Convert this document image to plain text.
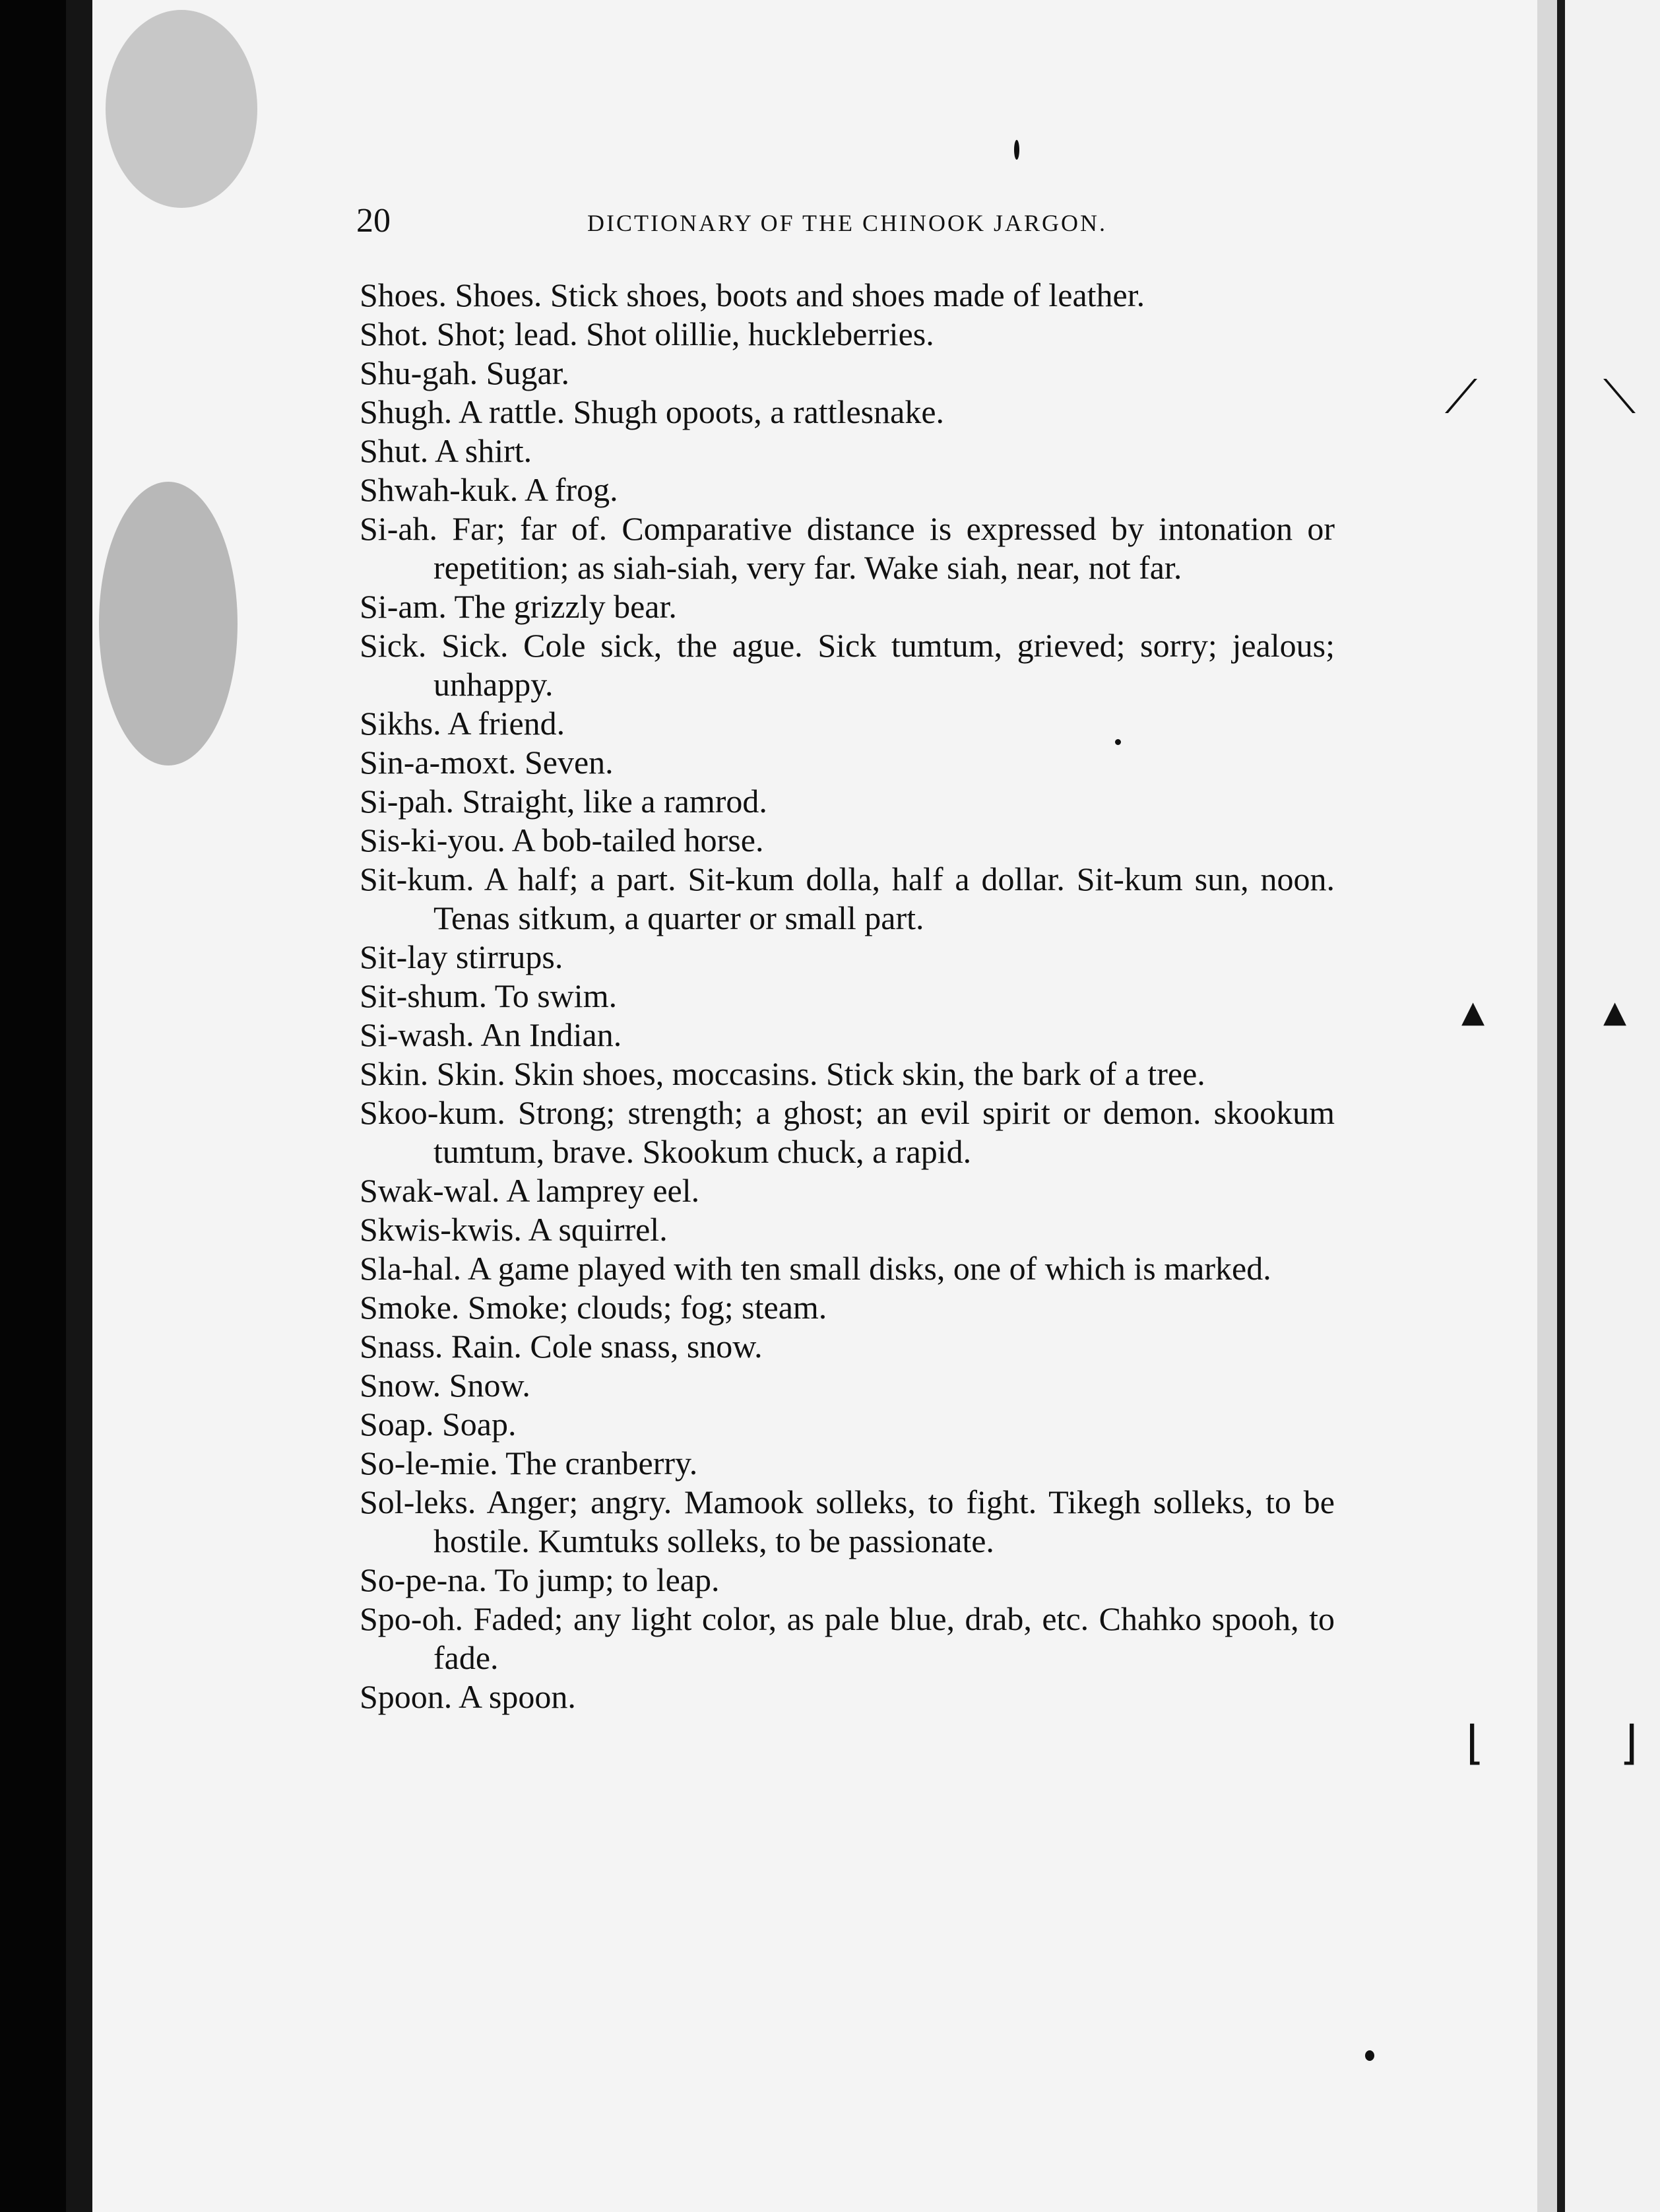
⟋	⟍
▴	▴
⌊	⌋
20	DICTIONARY OF THE CHINOOK JARGON.
Shoes. Shoes. Stick shoes, boots and shoes made of leather.
Shot. Shot; lead. Shot olillie, huckleberries.
Shu-gah. Sugar.
Shugh. A rattle. Shugh opoots, a rattlesnake.
Shut. A shirt.
Shwah-kuk. A frog.
Si-ah. Far; far of. Comparative distance is expressed by intonation or repetition; as siah-siah, very far. Wake siah, near, not far.
Si-am. The grizzly bear.
Sick. Sick. Cole sick, the ague. Sick tumtum, grieved; sorry; jealous; unhappy.
Sikhs. A friend.
Sin-a-moxt. Seven.
Si-pah. Straight, like a ramrod.
Sis-ki-you. A bob-tailed horse.
Sit-kum. A half; a part. Sit-kum dolla, half a dollar. Sit-kum sun, noon. Tenas sitkum, a quarter or small part.
Sit-lay stirrups.
Sit-shum. To swim.
Si-wash. An Indian.
Skin. Skin. Skin shoes, moccasins. Stick skin, the bark of a tree.
Skoo-kum. Strong; strength; a ghost; an evil spirit or demon. skookum tumtum, brave. Skookum chuck, a rapid.
Swak-wal. A lamprey eel.
Skwis-kwis. A squirrel.
Sla-hal. A game played with ten small disks, one of which is marked.
Smoke. Smoke; clouds; fog; steam.
Snass. Rain. Cole snass, snow.
Snow. Snow.
Soap. Soap.
So-le-mie. The cranberry.
Sol-leks. Anger; angry. Mamook solleks, to fight. Tikegh solleks, to be hostile. Kumtuks solleks, to be passionate.
So-pe-na. To jump; to leap.
Spo-oh. Faded; any light color, as pale blue, drab, etc. Chahko spooh, to fade.
Spoon. A spoon.
